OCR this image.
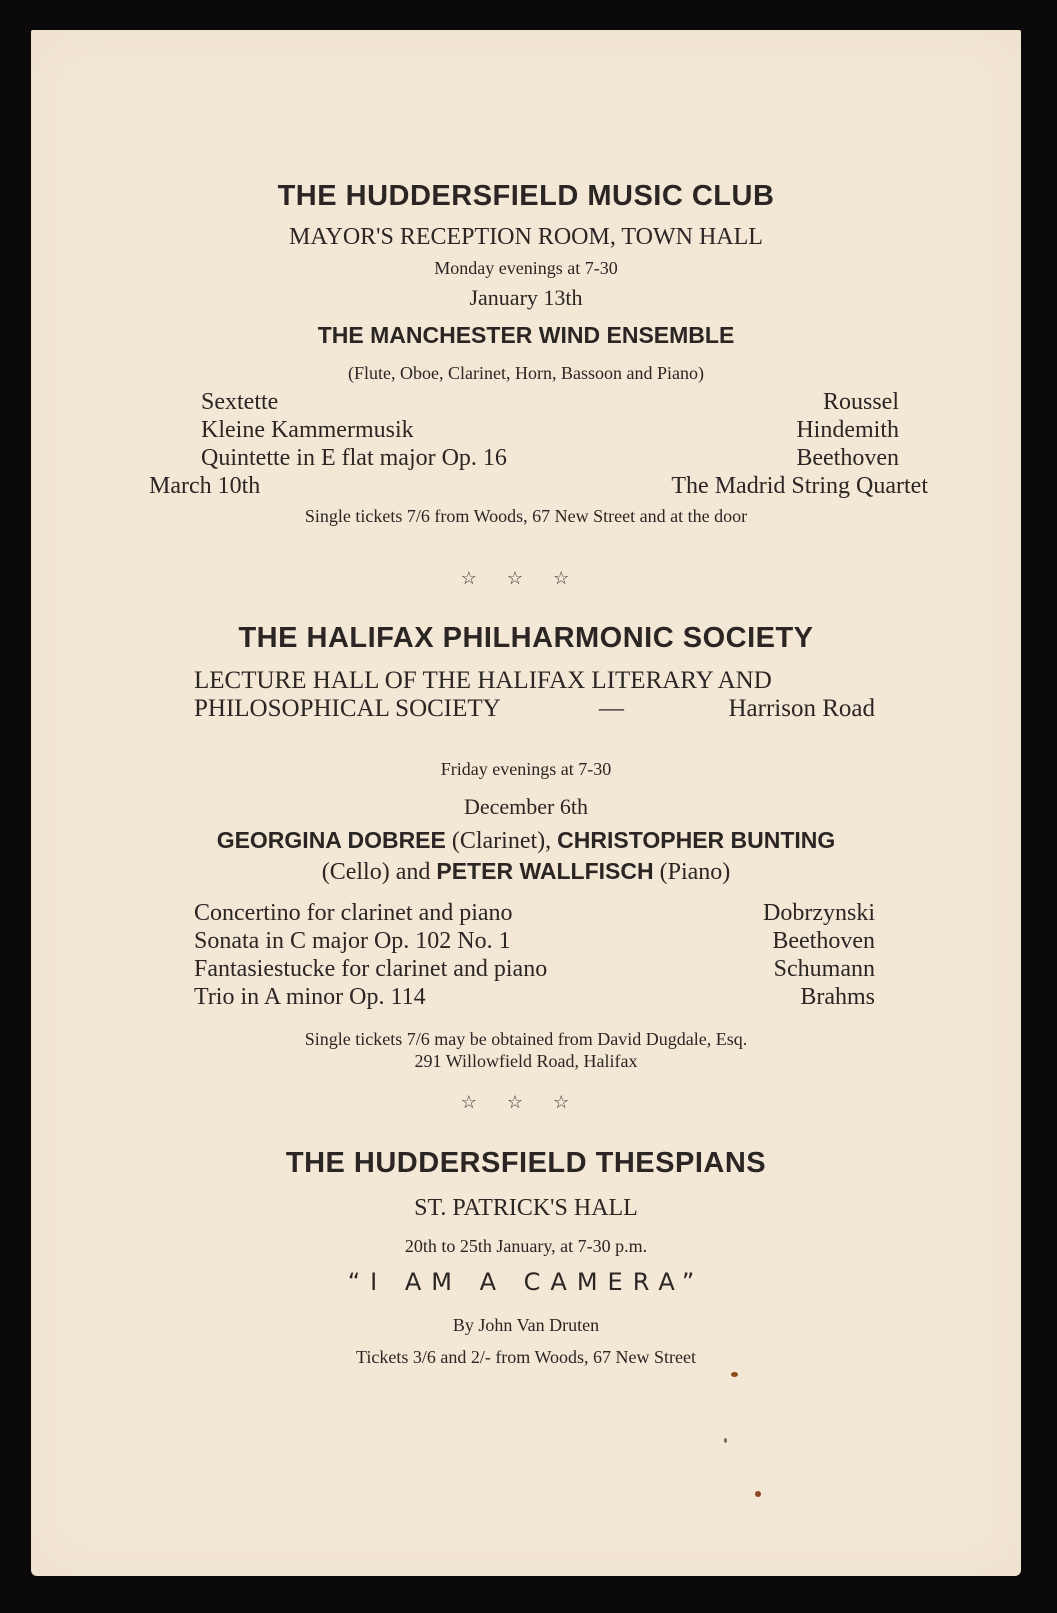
THE HUDDERSFIELD MUSIC CLUB
MAYOR'S RECEPTION ROOM, TOWN HALL
Monday evenings at 7-30
January 13th
THE MANCHESTER WIND ENSEMBLE
(Flute, Oboe, Clarinet, Horn, Bassoon and Piano)
Sextette	Roussel
Kleine Kammermusik	Hindemith
Quintette in E flat major Op. 16	Beethoven
March 10th	The Madrid String Quartet
Single tickets 7/6 from Woods, 67 New Street and at the door
☆ ☆ ☆
THE HALIFAX PHILHARMONIC SOCIETY
LECTURE HALL OF THE HALIFAX LITERARY AND
PHILOSOPHICAL SOCIETY	—	Harrison Road
Friday evenings at 7-30
December 6th
GEORGINA DOBREE (Clarinet), CHRISTOPHER BUNTING
(Cello) and PETER WALLFISCH (Piano)
Concertino for clarinet and piano	Dobrzynski
Sonata in C major Op. 102 No. 1	Beethoven
Fantasiestucke for clarinet and piano	Schumann
Trio in A minor Op. 114	Brahms
Single tickets 7/6 may be obtained from David Dugdale, Esq.
291 Willowfield Road, Halifax
☆ ☆ ☆
THE HUDDERSFIELD THESPIANS
ST. PATRICK'S HALL
20th to 25th January, at 7-30 p.m.
“I AM A CAMERA”
By John Van Druten
Tickets 3/6 and 2/- from Woods, 67 New Street
